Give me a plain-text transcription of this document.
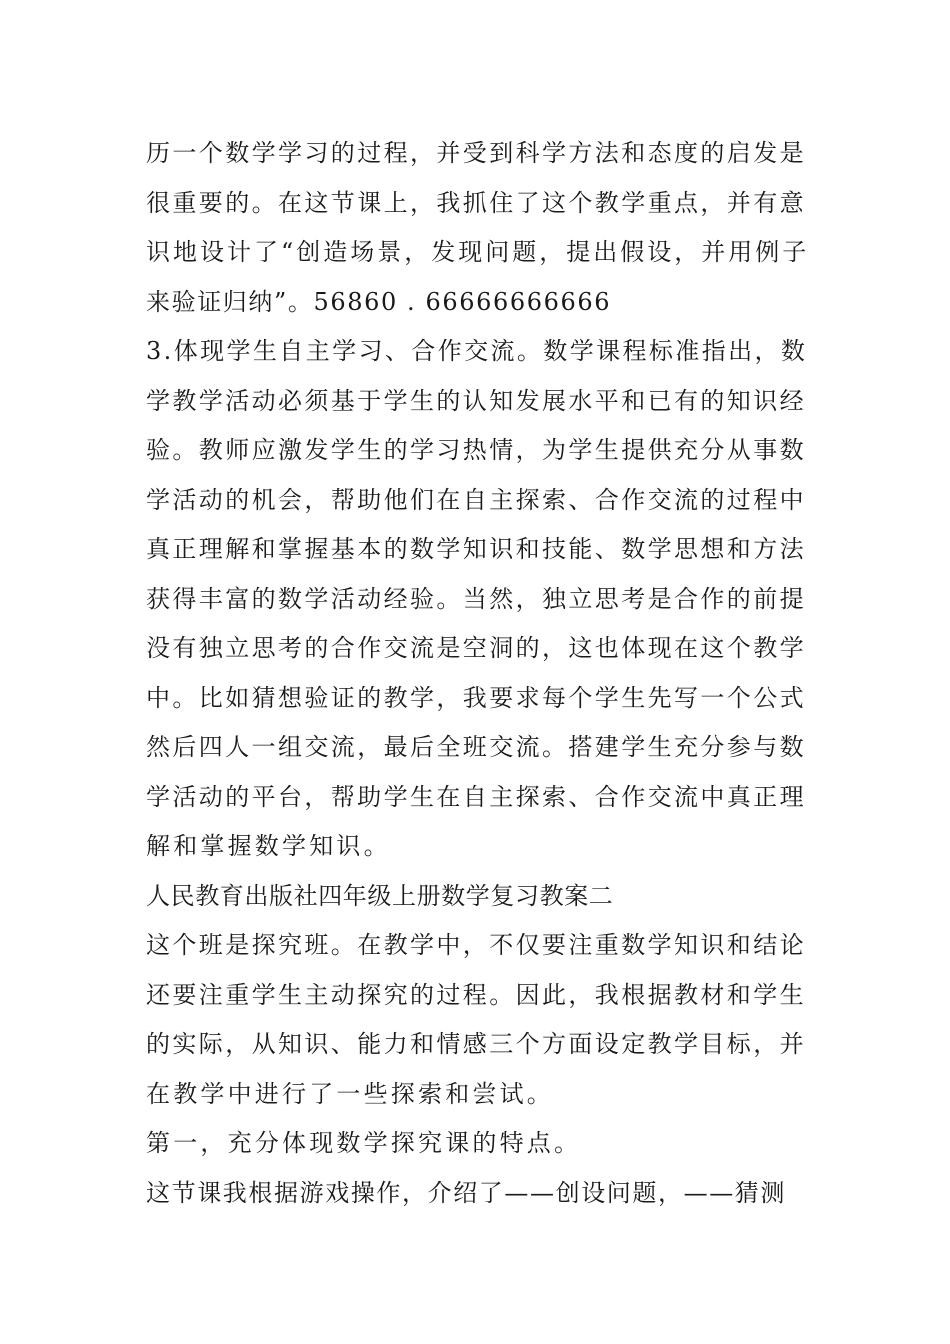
历一个数学学习的过程，并受到科学方法和态度的启发是
很重要的。在这节课上，我抓住了这个教学重点，并有意
识地设计了“创造场景，发现问题，提出假设，并用例子
来验证归纳”。56860 . 66666666666
3.体现学生自主学习、合作交流。数学课程标准指出，数
学教学活动必须基于学生的认知发展水平和已有的知识经
验。教师应激发学生的学习热情，为学生提供充分从事数
学活动的机会，帮助他们在自主探索、合作交流的过程中
真正理解和掌握基本的数学知识和技能、数学思想和方法
获得丰富的数学活动经验。当然，独立思考是合作的前提
没有独立思考的合作交流是空洞的，这也体现在这个教学
中。比如猜想验证的教学，我要求每个学生先写一个公式
然后四人一组交流，最后全班交流。搭建学生充分参与数
学活动的平台，帮助学生在自主探索、合作交流中真正理
解和掌握数学知识。
人民教育出版社四年级上册数学复习教案二
这个班是探究班。在教学中，不仅要注重数学知识和结论
还要注重学生主动探究的过程。因此，我根据教材和学生
的实际，从知识、能力和情感三个方面设定教学目标，并
在教学中进行了一些探索和尝试。
第一，充分体现数学探究课的特点。
这节课我根据游戏操作，介绍了——创设问题，——猜测
